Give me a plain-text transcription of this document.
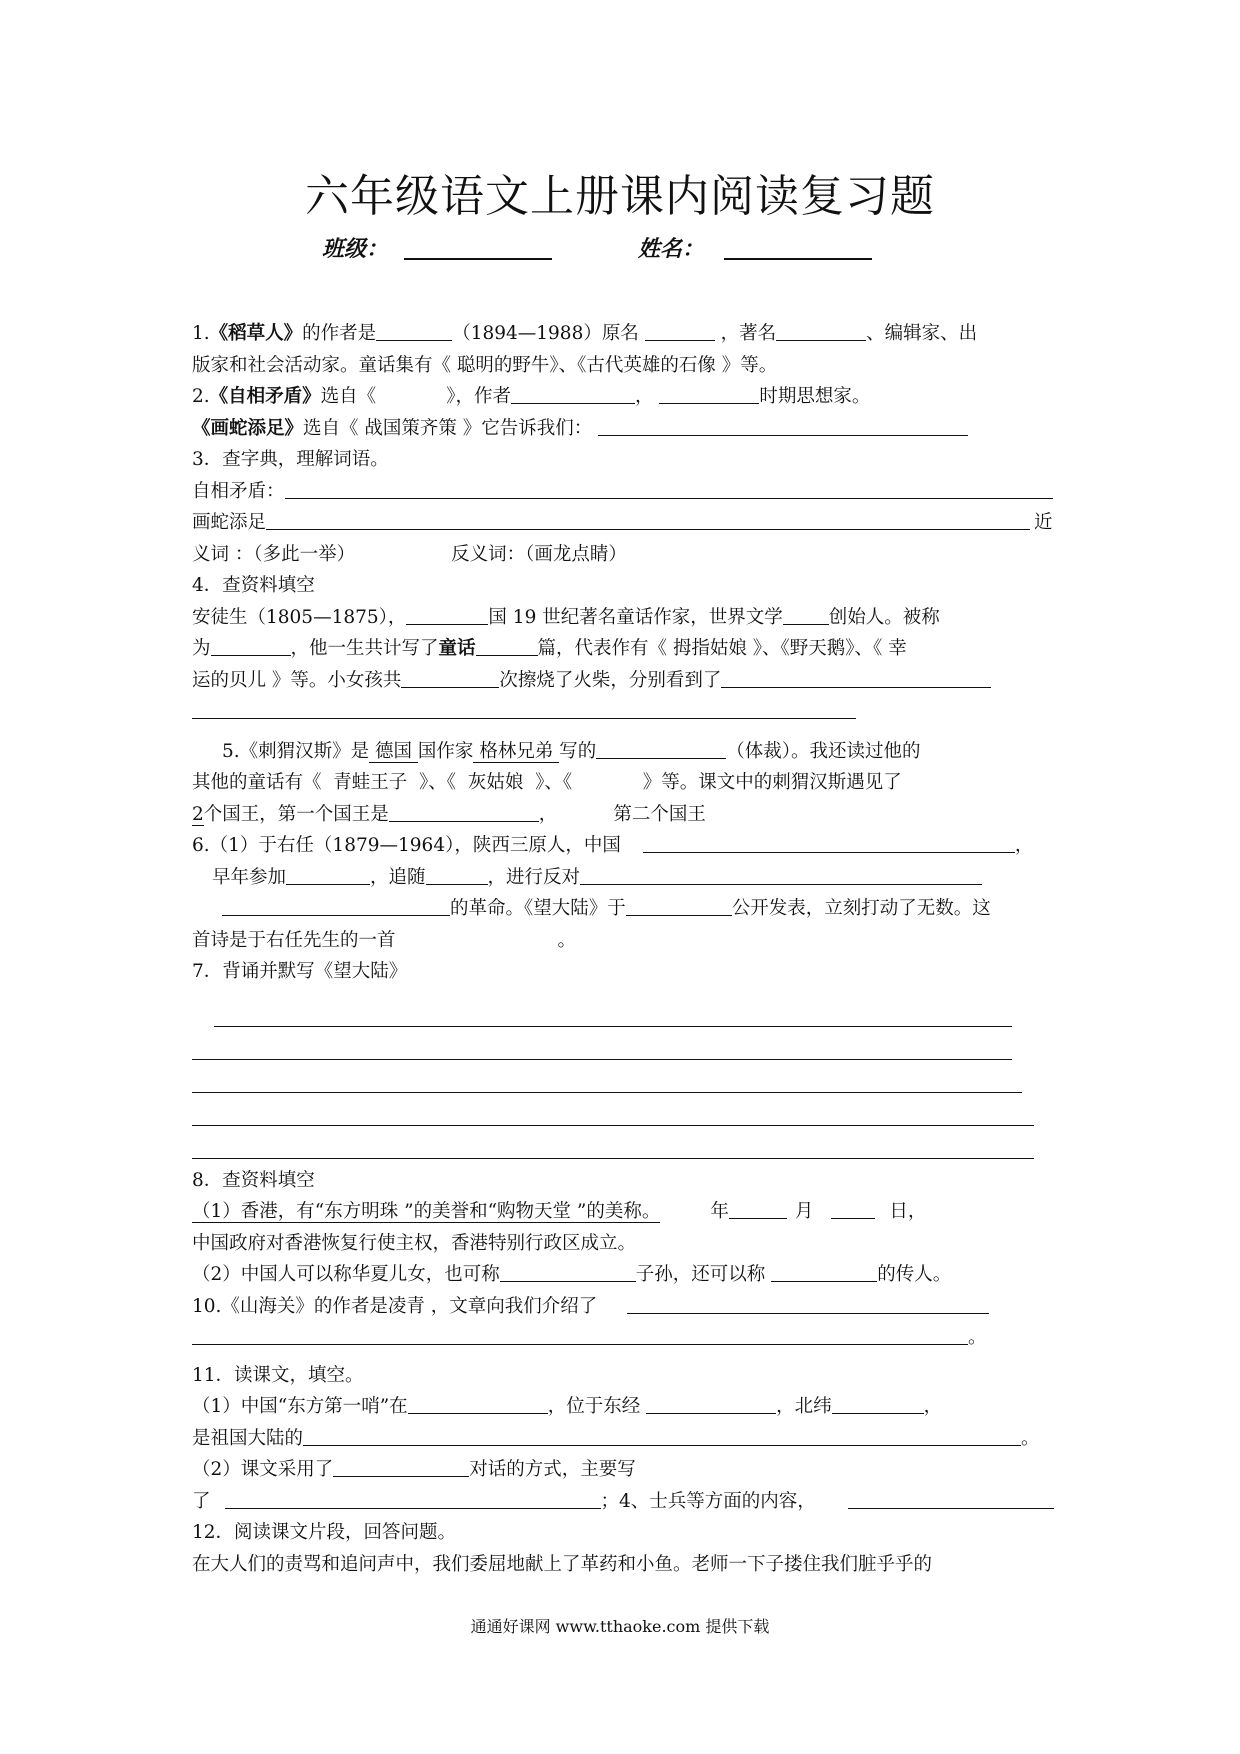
六年级语文上册课内阅读复习题
班级：	姓名：

1.《稻草人》的作者是	（1894—1988）原名	，著名	、编辑家、出

版家和社会活动家。童话集有《 聪明的野牛》、《古代英雄的石像 》等。

2.《自相矛盾》选自《	》，作者	，	时期思想家。

《画蛇添足》选自《 战国策齐策 》它告诉我们：

3．查字典，理解词语。

自相矛盾：

画蛇添足	近

义词 ：（多此一举）	反义词：（画龙点睛）

4．查资料填空

安徒生（1805—1875），	国 19 世纪著名童话作家，世界文学 创始人。被称

为	，他一生共计写了童话	篇，代表作有《 拇指姑娘 》、《野天鹅》、《 幸

运的贝儿 》等。小女孩共	次擦烧了火柴，分别看到了

5.《刺猬汉斯》是 德国 国作家 格林兄弟 写的	（体裁）。我还读过他的

其他的童话有《  青蛙王子  》、《  灰姑娘  》、《	》等。课文中的刺猬汉斯遇见了

2个国王，第一个国王是	，	第二个国王

6.（1）于右任（1879—1964），陕西三原人，中国	，

早年参加	，追随	，进行反对

的革命。《望大陆》于	公开发表，立刻打动了无数。这

首诗是于右任先生的一首	。

7．背诵并默写《望大陆》

8．查资料填空

（1）香港，有“东方明珠 ”的美誉和“购物天堂 ”的美称。	年	月	日，

中国政府对香港恢复行使主权，香港特别行政区成立。

（2）中国人可以称华夏儿女，也可称	子孙，还可以称	的传人。

10.《山海关》的作者是凌青 ，文章向我们介绍了

。

11．读课文，填空。

（1）中国“东方第一哨”在	，位于东经	，北纬	，

是祖国大陆的	。

（2）课文采用了	对话的方式，主要写

了	；4、士兵等方面的内容，

12．阅读课文片段，回答问题。

在大人们的责骂和追问声中，我们委屈地献上了革药和小鱼。老师一下子搂住我们脏乎乎的

通通好课网 www.tthaoke.com 提供下载
